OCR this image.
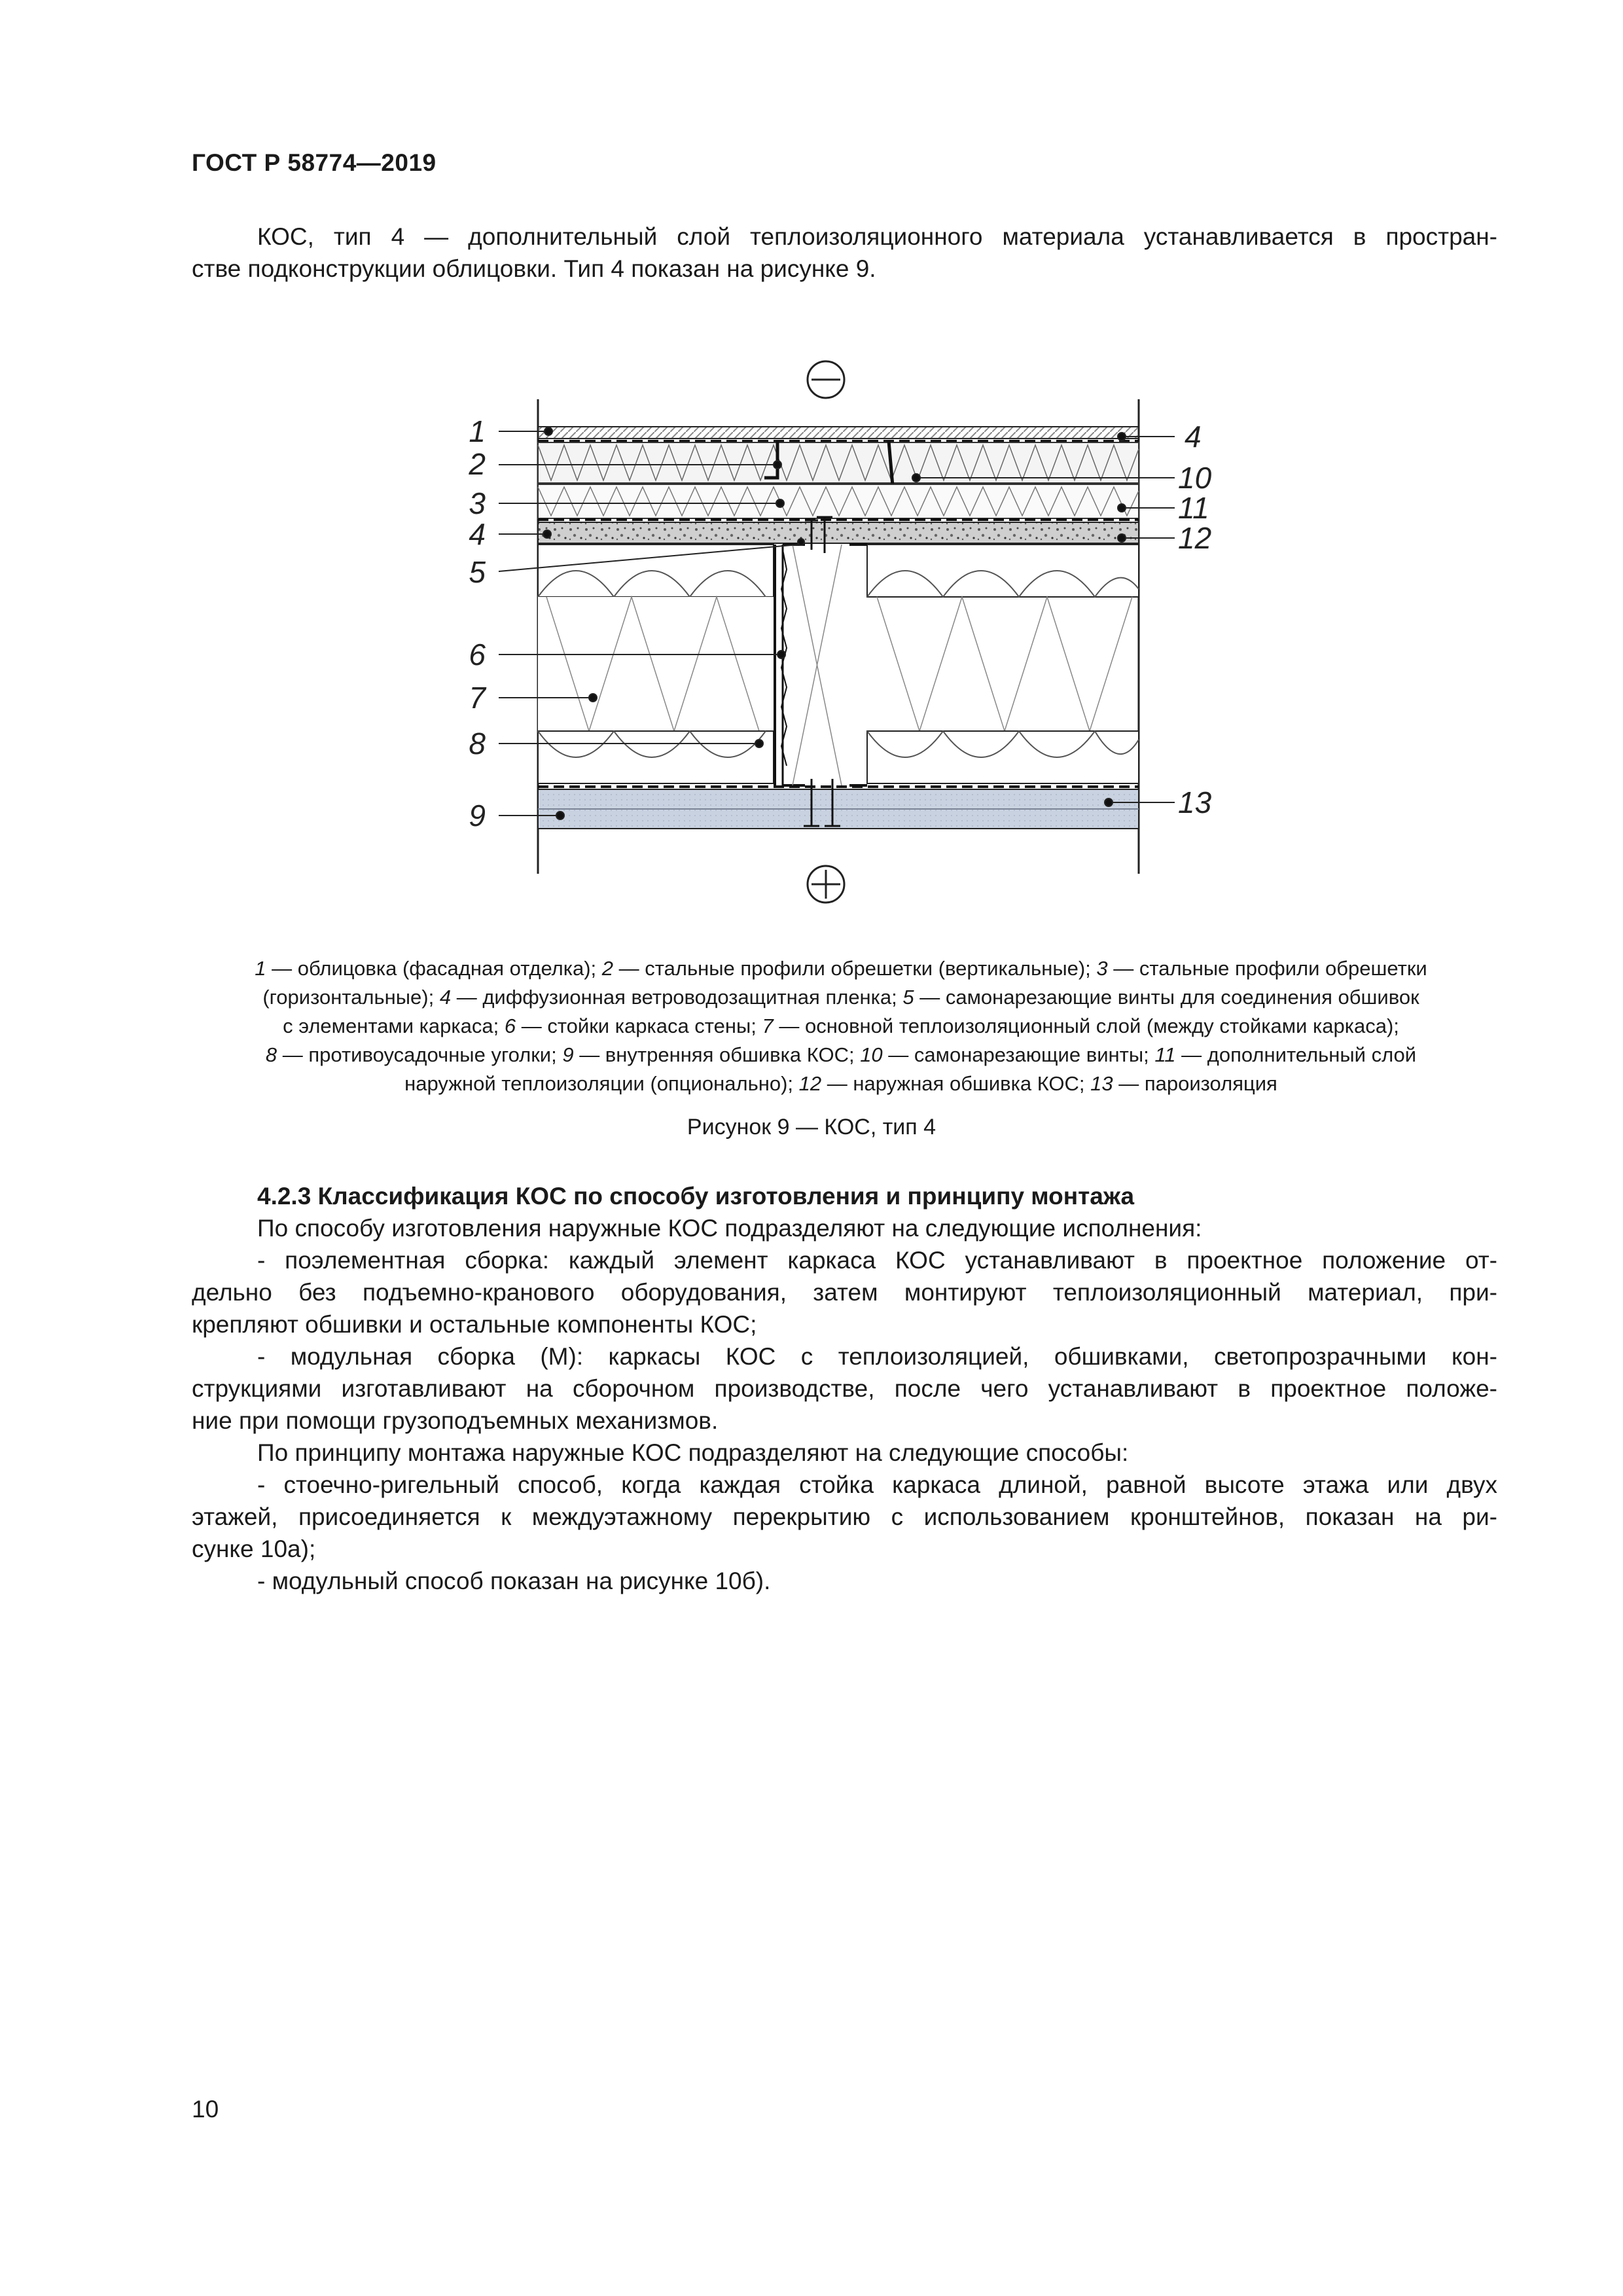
ГОСТ Р 58774—2019

КОС, тип 4 — дополнительный слой теплоизоляционного материала устанавливается в простран-

стве подконструкции облицовки. Тип 4 показан на рисунке 9.

1
2
3
4
5
6
7
8
9
4
10
11
12
13

1 — облицовка (фасадная отделка); 2 — стальные профили обрешетки (вертикальные); 3 — стальные профили обрешетки

(горизонтальные); 4 — диффузионная ветроводозащитная пленка; 5 — самонарезающие винты для соединения обшивок

с элементами каркаса; 6 — стойки каркаса стены; 7 — основной теплоизоляционный слой (между стойками каркаса);

8 — противоусадочные уголки; 9 — внутренняя обшивка КОС; 10 — самонарезающие винты; 11 — дополнительный слой

наружной теплоизоляции (опционально); 12 — наружная обшивка КОС; 13 — пароизоляция

Рисунок 9 — КОС, тип 4

4.2.3 Классификация КОС по способу изготовления и принципу монтажа

По способу изготовления наружные КОС подразделяют на следующие исполнения:

- поэлементная сборка: каждый элемент каркаса КОС устанавливают в проектное положение от-

дельно без подъемно-кранового оборудования, затем монтируют теплоизоляционный материал, при-

крепляют обшивки и остальные компоненты КОС;

- модульная сборка (М): каркасы КОС с теплоизоляцией, обшивками, светопрозрачными кон-

струкциями изготавливают на сборочном производстве, после чего устанавливают в проектное положе-

ние при помощи грузоподъемных механизмов.

По принципу монтажа наружные КОС подразделяют на следующие способы:

- стоечно-ригельный способ, когда каждая стойка каркаса длиной, равной высоте этажа или двух

этажей, присоединяется к междуэтажному перекрытию с использованием кронштейнов, показан на ри-

сунке 10а);

- модульный способ показан на рисунке 10б).

10
